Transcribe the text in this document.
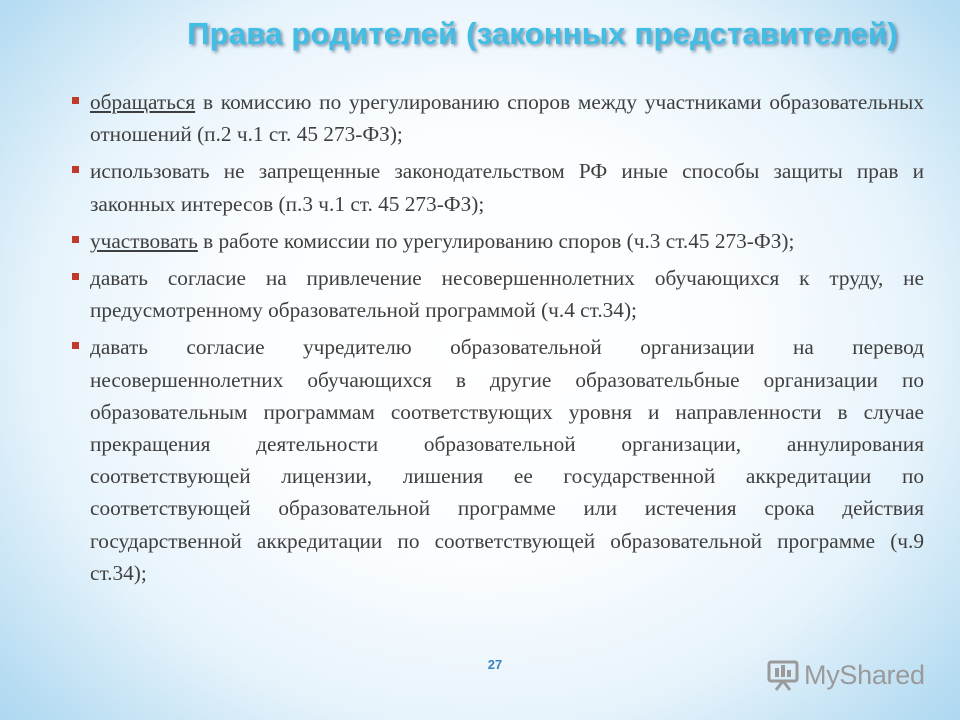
Права родителей (законных представителей)
обращаться в комиссию по урегулированию споров между участниками образовательных отношений (п.2 ч.1 ст. 45 273-ФЗ);
использовать не запрещенные законодательством РФ иные способы защиты прав и законных интересов (п.3 ч.1 ст. 45 273-ФЗ);
участвовать в работе комиссии по урегулированию споров (ч.3 ст.45 273-ФЗ);
давать согласие на привлечение несовершеннолетних обучающихся к труду, не предусмотренному образовательной программой (ч.4 ст.34);
давать согласие учредителю образовательной организации на перевод несовершеннолетних обучающихся в другие образовательбные организации по образовательным программам соответствующих уровня и направленности в случае прекращения деятельности образовательной организации, аннулирования соответствующей лицензии, лишения ее государственной аккредитации по соответствующей образовательной программе или истечения срока действия государственной аккредитации по соответствующей образовательной программе (ч.9 ст.34);
27	MyShared
